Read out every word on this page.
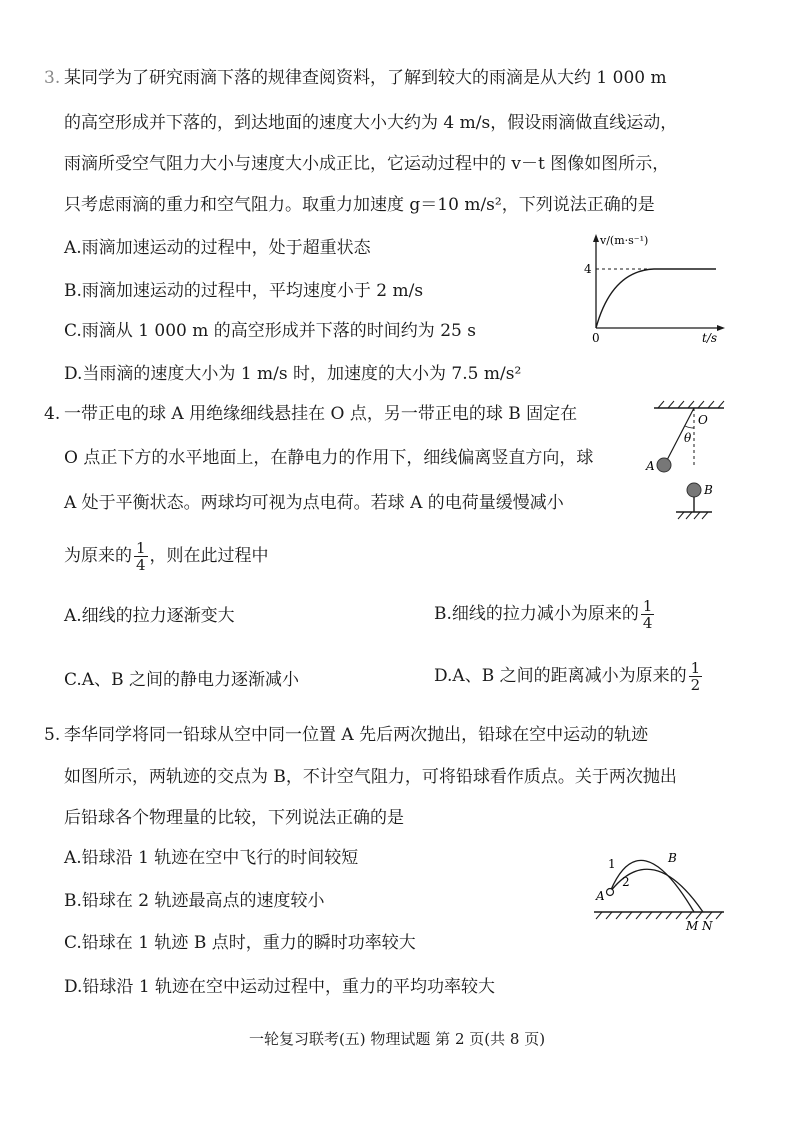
3. 某同学为了研究雨滴下落的规律查阅资料，了解到较大的雨滴是从大约 1 000 m
的高空形成并下落的，到达地面的速度大小大约为 4 m/s，假设雨滴做直线运动，
雨滴所受空气阻力大小与速度大小成正比，它运动过程中的 v－t 图像如图所示，
只考虑雨滴的重力和空气阻力。取重力加速度 g＝10 m/s²，下列说法正确的是
A.雨滴加速运动的过程中，处于超重状态
B.雨滴加速运动的过程中，平均速度小于 2 m/s
C.雨滴从 1 000 m 的高空形成并下落的时间约为 25 s
D.当雨滴的速度大小为 1 m/s 时，加速度的大小为 7.5 m/s²
v/(m·s⁻¹)
4
0	t/s
4. 一带正电的球 A 用绝缘细线悬挂在 O 点，另一带正电的球 B 固定在
O 点正下方的水平地面上，在静电力的作用下，细线偏离竖直方向，球
A 处于平衡状态。两球均可视为点电荷。若球 A 的电荷量缓慢减小
为原来的 $\frac{1}{4}$ ，则在此过程中
A.细线的拉力逐渐变大	B.细线的拉力减小为原来的 $\frac{1}{4}$
C.A、B 之间的静电力逐渐减小	D.A、B 之间的距离减小为原来的 $\frac{1}{2}$
O
θ
A
B
5. 李华同学将同一铅球从空中同一位置 A 先后两次抛出，铅球在空中运动的轨迹
如图所示，两轨迹的交点为 B，不计空气阻力，可将铅球看作质点。关于两次抛出
后铅球各个物理量的比较，下列说法正确的是
A.铅球沿 1 轨迹在空中飞行的时间较短
B.铅球在 2 轨迹最高点的速度较小
C.铅球在 1 轨迹 B 点时，重力的瞬时功率较大
D.铅球沿 1 轨迹在空中运动过程中，重力的平均功率较大
1
2
A
B
M N
一轮复习联考(五) 物理试题 第 2 页(共 8 页)
